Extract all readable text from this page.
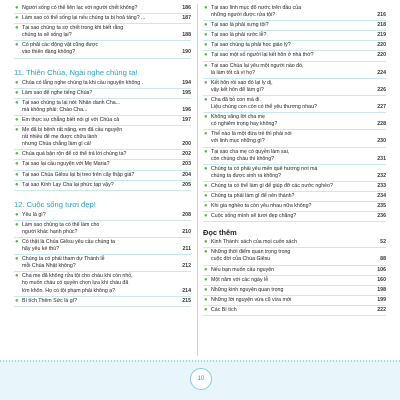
● Người sống có thể liên lạc với người chết không?	186
● Làm sao có thể sống lại nếu chúng ta bị hoả táng? ...	187
● Tại sao chúng ta sợ chết trong khi biết rằng
chúng ta sẽ sống lại?	188
● Có phải các động vật cũng được
vào thiên đàng không?	190
11. Thiên Chúa, Ngài nghe chúng ta!
● Chúa có lắng nghe chúng ta khi cầu nguyện không .	194
● Làm sao để nghe tiếng Chúa?	195
● Tại sao chúng ta lại nói: Nhân danh Cha...
mà không phải: Chào Cha...	196
● Em thực sự chẳng biết nói gì với Chúa cả	197
● Mẹ đã bị bệnh rất nặng, em đã cầu nguyện
rất nhiều để mẹ được chữa lành
nhưng Chúa chẳng làm gì cả!	200
● Chúa quá bận rộn để có thể trả lời chúng ta?	202
● Tại sao lại cầu nguyện với Mẹ Maria?	203
● Tại sao Chúa Giêsu lại bị treo trên cây thập giá?	204
● Tại sao Kinh Lạy Cha lại phức tạp vậy?	205
12. Cuộc sống tươi đẹp!
● Yêu là gì?	208
● Làm sao chúng ta có thể làm cho
người khác hạnh phúc?	210
● Có thật là Chúa Giêsu yêu cầu chúng ta
hãy yêu kẻ thù?	211
● Chúng ta có phải tham dự Thánh lễ
mỗi Chúa Nhật không?	212
● Cha mẹ đã không rửa tội cho cháu khi còn nhỏ,
họ muốn cháu có quyền chọn lựa khi cháu đã
lớn khôn. Họ có tội phạm phải không ạ?	214
● Bí tích Thêm Sức là gì?	215
● Tại sao linh mục đổ nước trên đầu của
những người được rửa tội?	216
● Tại sao là phải xưng tội?	218
● Tại sao là phải rước lễ?	219
● Tại sao chúng ta phải học giáo lý?	220
● Tại sao một số người lại kết hôn ở nhà thờ?	220
● Tại sao Chúa lại yêu một người nào đó,
là làm tốt cả vì họ?	224
● Kết hôn rồi sao đó lại ly dị,
vậy kết hôn để làm gì?	226
● Cha đã bỏ con mà đi.
Liệu chúng con còn có thể yêu thương nhau?	227
● Không vâng lời cha mẹ
có nghiêm trọng hay không?	228
● Thế nào là một đứa trẻ thì phải nói
với linh mục những gì?	230
● Tại sao cha mẹ có quyền làm sai,
còn chúng cháu thì không?	231
● Chúng ta có phải yêu mến quê hương nơi mà
chúng ta được sinh ra không?	232
● Chúng ta có thể làm gì để giúp đỡ các nước nghèo?	233
● Chúng ta phải làm gì để nên thánh?	234
● Khi gia nghèo ta còn yêu nhau nữa không?	235
● Cuộc sống mình sẽ tươi đẹp chăng?	236
Đọc thêm
● Kinh Thánh: sách của mọi cuốn sách	52
● Những thời điểm quan trọng trong
cuộc đời của Chúa Giêsu	88
● Nếu bạn muốn cầu nguyện	106
● Một năm với các ngày lễ	160
● Những kinh nguyện quan trọng	198
● Những lời nguyện vừa cũ vừa mới	199
● Các Bí tích	222
10
